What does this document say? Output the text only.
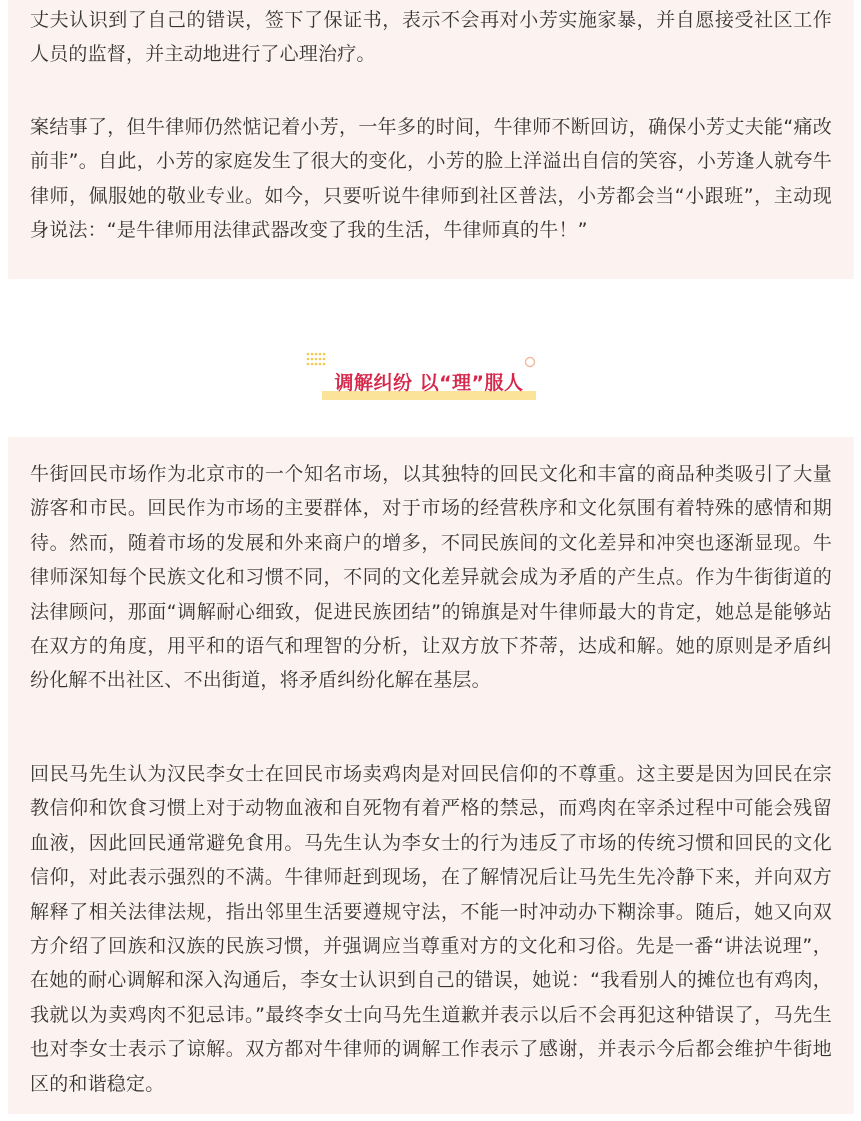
丈夫认识到了自己的错误，签下了保证书，表示不会再对小芳实施家暴，并自愿接受社区工作人员的监督，并主动地进行了心理治疗。

案结事了，但牛律师仍然惦记着小芳，一年多的时间，牛律师不断回访，确保小芳丈夫能“痛改前非”。自此，小芳的家庭发生了很大的变化，小芳的脸上洋溢出自信的笑容，小芳逢人就夸牛律师，佩服她的敬业专业。如今，只要听说牛律师到社区普法，小芳都会当“小跟班”，主动现身说法：“是牛律师用法律武器改变了我的生活，牛律师真的牛！”

调解纠纷 以“理”服人

牛街回民市场作为北京市的一个知名市场，以其独特的回民文化和丰富的商品种类吸引了大量游客和市民。回民作为市场的主要群体，对于市场的经营秩序和文化氛围有着特殊的感情和期待。然而，随着市场的发展和外来商户的增多，不同民族间的文化差异和冲突也逐渐显现。牛律师深知每个民族文化和习惯不同，不同的文化差异就会成为矛盾的产生点。作为牛街街道的法律顾问，那面“调解耐心细致，促进民族团结”的锦旗是对牛律师最大的肯定，她总是能够站在双方的角度，用平和的语气和理智的分析，让双方放下芥蒂，达成和解。她的原则是矛盾纠纷化解不出社区、不出街道，将矛盾纠纷化解在基层。

回民马先生认为汉民李女士在回民市场卖鸡肉是对回民信仰的不尊重。这主要是因为回民在宗教信仰和饮食习惯上对于动物血液和自死物有着严格的禁忌，而鸡肉在宰杀过程中可能会残留血液，因此回民通常避免食用。马先生认为李女士的行为违反了市场的传统习惯和回民的文化信仰，对此表示强烈的不满。牛律师赶到现场，在了解情况后让马先生先冷静下来，并向双方解释了相关法律法规，指出邻里生活要遵规守法，不能一时冲动办下糊涂事。随后，她又向双方介绍了回族和汉族的民族习惯，并强调应当尊重对方的文化和习俗。先是一番“讲法说理”，在她的耐心调解和深入沟通后，李女士认识到自己的错误，她说：“我看别人的摊位也有鸡肉，我就以为卖鸡肉不犯忌讳。”最终李女士向马先生道歉并表示以后不会再犯这种错误了，马先生也对李女士表示了谅解。双方都对牛律师的调解工作表示了感谢，并表示今后都会维护牛街地区的和谐稳定。
